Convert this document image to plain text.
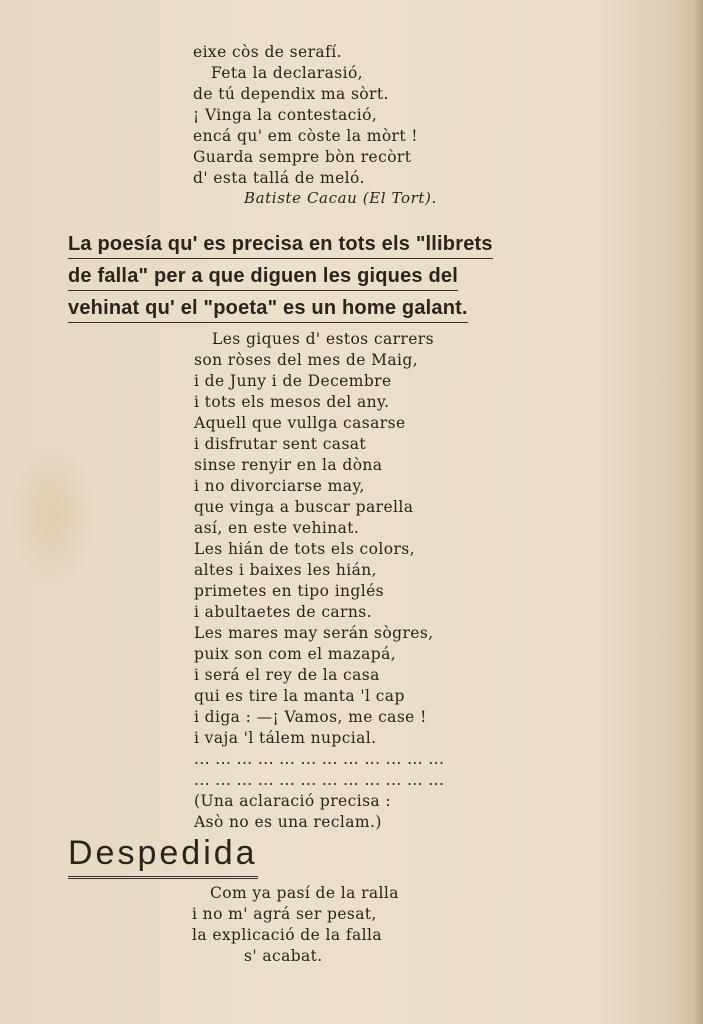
eixe còs de serafí.
Feta la declarasió,
de tú dependix ma sòrt.
¡ Vinga la contestació,
encá qu' em còste la mòrt !
Guarda sempre bòn recòrt
d' esta tallá de meló.

Batiste Cacau (El Tort).

La poesía qu' es precisa en tots els "llibrets
de falla" per a que diguen les giques del
vehinat qu' el "poeta" es un home galant.
Les giques d' estos carrers
son ròses del mes de Maig,
i de Juny i de Decembre
i tots els mesos del any.
Aquell que vullga casarse
i disfrutar sent casat
sinse renyir en la dòna
i no divorciarse may,
que vinga a buscar parella
así, en este vehinat.
Les hián de tots els colors,
altes i baixes les hián,
primetes en tipo inglés
i abultaetes de carns.
Les mares may serán sògres,
puix son com el mazapá,
i será el rey de la casa
qui es tire la manta 'l cap
i diga : —¡ Vamos, me case !
i vaja 'l tálem nupcial.
... ... ... ... ... ... ... ... ... ... ... ...
... ... ... ... ... ... ... ... ... ... ... ...
(Una aclaració precisa :
Asò no es una reclam.)
Despedida
Com ya pasí de la ralla
i no m' agrá ser pesat,
la explicació de la falla
s' acabat.
